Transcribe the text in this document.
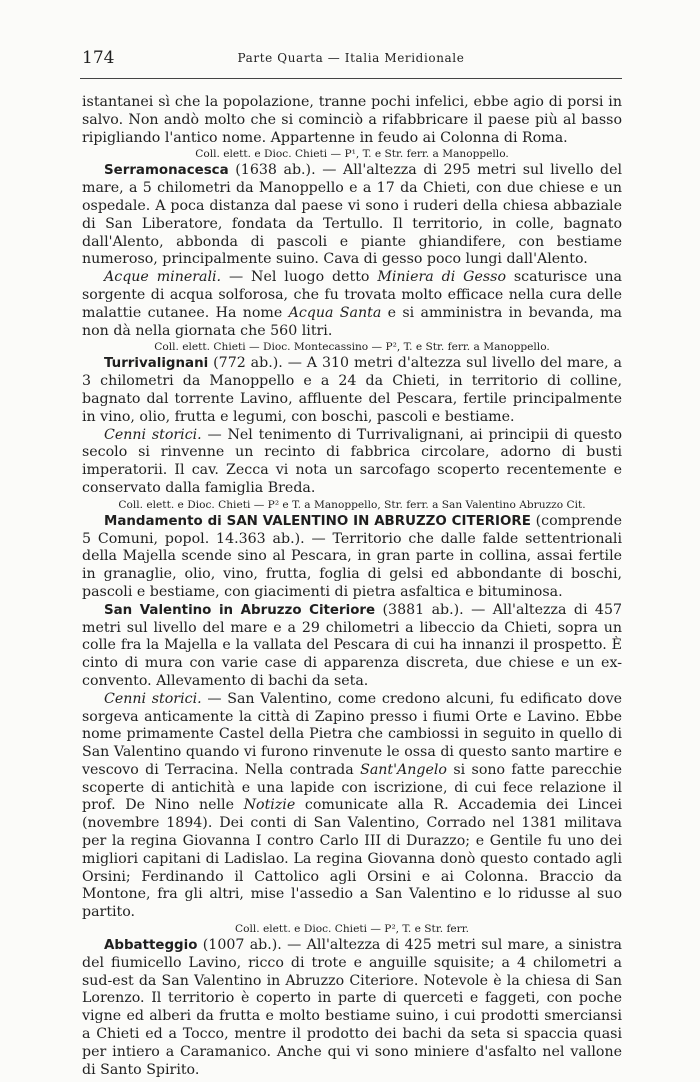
174	Parte Quarta — Italia Meridionale

istantanei sì che la popolazione, tranne pochi infelici, ebbe agio di porsi in salvo. Non andò molto che si cominciò a rifabbricare il paese più al basso ripigliando l'antico nome. Appartenne in feudo ai Colonna di Roma.

Coll. elett. e Dioc. Chieti — P¹, T. e Str. ferr. a Manoppello.

Serramonacesca (1638 ab.). — All'altezza di 295 metri sul livello del mare, a 5 chilometri da Manoppello e a 17 da Chieti, con due chiese e un ospedale. A poca distanza dal paese vi sono i ruderi della chiesa abbaziale di San Liberatore, fondata da Tertullo. Il territorio, in colle, bagnato dall'Alento, abbonda di pascoli e piante ghiandifere, con bestiame numeroso, principalmente suino. Cava di gesso poco lungi dall'Alento.

Acque minerali. — Nel luogo detto Miniera di Gesso scaturisce una sorgente di acqua solforosa, che fu trovata molto efficace nella cura delle malattie cutanee. Ha nome Acqua Santa e si amministra in bevanda, ma non dà nella giornata che 560 litri.

Coll. elett. Chieti — Dioc. Montecassino — P², T. e Str. ferr. a Manoppello.

Turrivalignani (772 ab.). — A 310 metri d'altezza sul livello del mare, a 3 chilometri da Manoppello e a 24 da Chieti, in territorio di colline, bagnato dal torrente Lavino, affluente del Pescara, fertile principalmente in vino, olio, frutta e legumi, con boschi, pascoli e bestiame.

Cenni storici. — Nel tenimento di Turrivalignani, ai principii di questo secolo si rinvenne un recinto di fabbrica circolare, adorno di busti imperatorii. Il cav. Zecca vi nota un sarcofago scoperto recentemente e conservato dalla famiglia Breda.

Coll. elett. e Dioc. Chieti — P² e T. a Manoppello, Str. ferr. a San Valentino Abruzzo Cit.

Mandamento di SAN VALENTINO IN ABRUZZO CITERIORE (comprende 5 Comuni, popol. 14.363 ab.). — Territorio che dalle falde settentrionali della Majella scende sino al Pescara, in gran parte in collina, assai fertile in granaglie, olio, vino, frutta, foglia di gelsi ed abbondante di boschi, pascoli e bestiame, con giacimenti di pietra asfaltica e bituminosa.

San Valentino in Abruzzo Citeriore (3881 ab.). — All'altezza di 457 metri sul livello del mare e a 29 chilometri a libeccio da Chieti, sopra un colle fra la Majella e la vallata del Pescara di cui ha innanzi il prospetto. È cinto di mura con varie case di apparenza discreta, due chiese e un ex-convento. Allevamento di bachi da seta.

Cenni storici. — San Valentino, come credono alcuni, fu edificato dove sorgeva anticamente la città di Zapino presso i fiumi Orte e Lavino. Ebbe nome primamente Castel della Pietra che cambiossi in seguito in quello di San Valentino quando vi furono rinvenute le ossa di questo santo martire e vescovo di Terracina. Nella contrada Sant'Angelo si sono fatte parecchie scoperte di antichità e una lapide con iscrizione, di cui fece relazione il prof. De Nino nelle Notizie comunicate alla R. Accademia dei Lincei (novembre 1894). Dei conti di San Valentino, Corrado nel 1381 militava per la regina Giovanna I contro Carlo III di Durazzo; e Gentile fu uno dei migliori capitani di Ladislao. La regina Giovanna donò questo contado agli Orsini; Ferdinando il Cattolico agli Orsini e ai Colonna. Braccio da Montone, fra gli altri, mise l'assedio a San Valentino e lo ridusse al suo partito.

Coll. elett. e Dioc. Chieti — P², T. e Str. ferr.

Abbatteggio (1007 ab.). — All'altezza di 425 metri sul mare, a sinistra del fiumicello Lavino, ricco di trote e anguille squisite; a 4 chilometri a sud-est da San Valentino in Abruzzo Citeriore. Notevole è la chiesa di San Lorenzo. Il territorio è coperto in parte di querceti e faggeti, con poche vigne ed alberi da frutta e molto bestiame suino, i cui prodotti smerciansi a Chieti ed a Tocco, mentre il prodotto dei bachi da seta si spaccia quasi per intiero a Caramanico. Anche qui vi sono miniere d'asfalto nel vallone di Santo Spirito.
